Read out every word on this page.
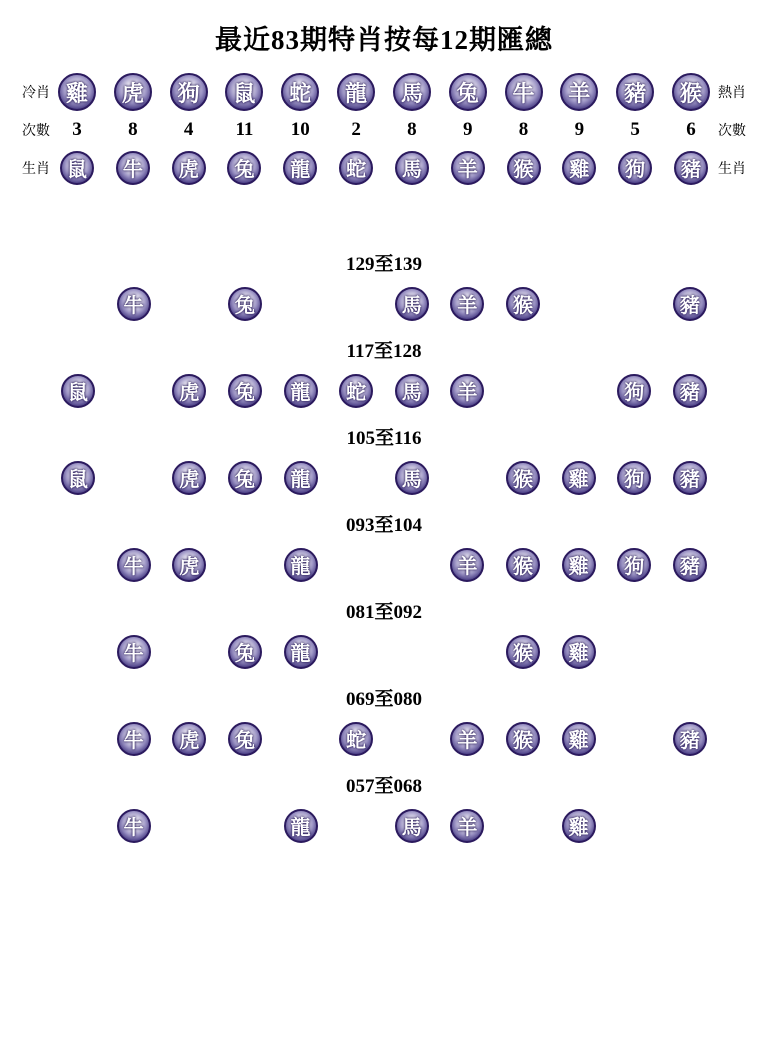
最近83期特肖按每12期匯總
冷肖 雞	虎	狗	鼠	蛇	龍	馬	兔	牛	羊	豬	猴	熱肖
次數 3 8 4 11 10 2 8 9 8 9 5 6 次數
生肖 鼠	牛	虎	兔	龍	蛇	馬	羊	猴	雞	狗	豬	生肖
129至139
牛	兔	馬	羊	猴	豬
117至128
鼠	虎	兔	龍	蛇	馬	羊	狗	豬
105至116
鼠	虎	兔	龍	馬	猴	雞	狗	豬
093至104
牛	虎	龍	羊	猴	雞	狗	豬
081至092
牛	兔	龍	猴	雞
069至080
牛	虎	兔	蛇	羊	猴	雞	豬
057至068
牛	龍	馬	羊	雞
